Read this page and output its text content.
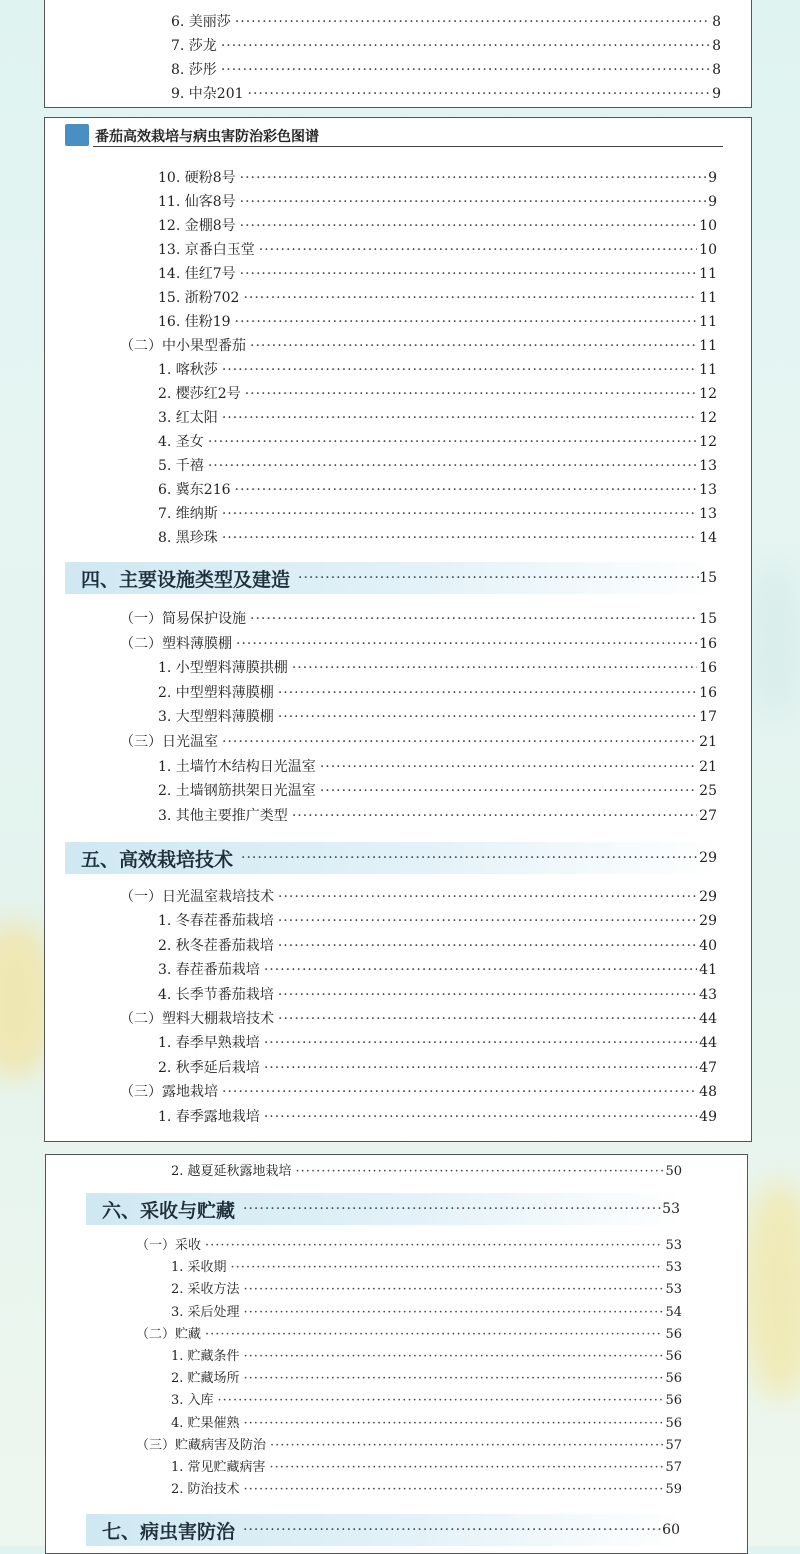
6. 美丽莎 ·····	8
7. 莎龙 ·····	8
8. 莎彤 ·····	8
9. 中杂201 ·····	9
番茄高效栽培与病虫害防治彩色图谱
10. 硬粉8号 ·····	9
11. 仙客8号 ·····	9
12. 金棚8号 ·····	10
13. 京番白玉堂 ·····	10
14. 佳红7号 ·····	11
15. 浙粉702 ·····	11
16. 佳粉19 ·····	11
（二）中小果型番茄 ·····	11
1. 喀秋莎 ·····	11
2. 樱莎红2号 ·····	12
3. 红太阳 ·····	12
4. 圣女 ·····	12
5. 千禧 ·····	13
6. 冀东216 ·····	13
7. 维纳斯 ·····	13
8. 黑珍珠 ·····	14
四、主要设施类型及建造 ·····	15
（一）简易保护设施 ·····	15
（二）塑料薄膜棚 ·····	16
1. 小型塑料薄膜拱棚 ·····	16
2. 中型塑料薄膜棚 ·····	16
3. 大型塑料薄膜棚 ·····	17
（三）日光温室 ·····	21
1. 土墙竹木结构日光温室 ·····	21
2. 土墙钢筋拱架日光温室 ·····	25
3. 其他主要推广类型 ·····	27
五、高效栽培技术 ·····	29
（一）日光温室栽培技术 ·····	29
1. 冬春茬番茄栽培 ·····	29
2. 秋冬茬番茄栽培 ·····	40
3. 春茬番茄栽培 ·····	41
4. 长季节番茄栽培 ·····	43
（二）塑料大棚栽培技术 ·····	44
1. 春季早熟栽培 ·····	44
2. 秋季延后栽培 ·····	47
（三）露地栽培 ·····	48
1. 春季露地栽培 ·····	49
2. 越夏延秋露地栽培 ·····	50
六、采收与贮藏 ·····	53
（一）采收 ·····	53
1. 采收期 ·····	53
2. 采收方法 ·····	53
3. 采后处理 ·····	54
（二）贮藏 ·····	56
1. 贮藏条件 ·····	56
2. 贮藏场所 ·····	56
3. 入库 ·····	56
4. 贮果催熟 ·····	56
（三）贮藏病害及防治 ·····	57
1. 常见贮藏病害 ·····	57
2. 防治技术 ·····	59
七、病虫害防治 ·····	60
